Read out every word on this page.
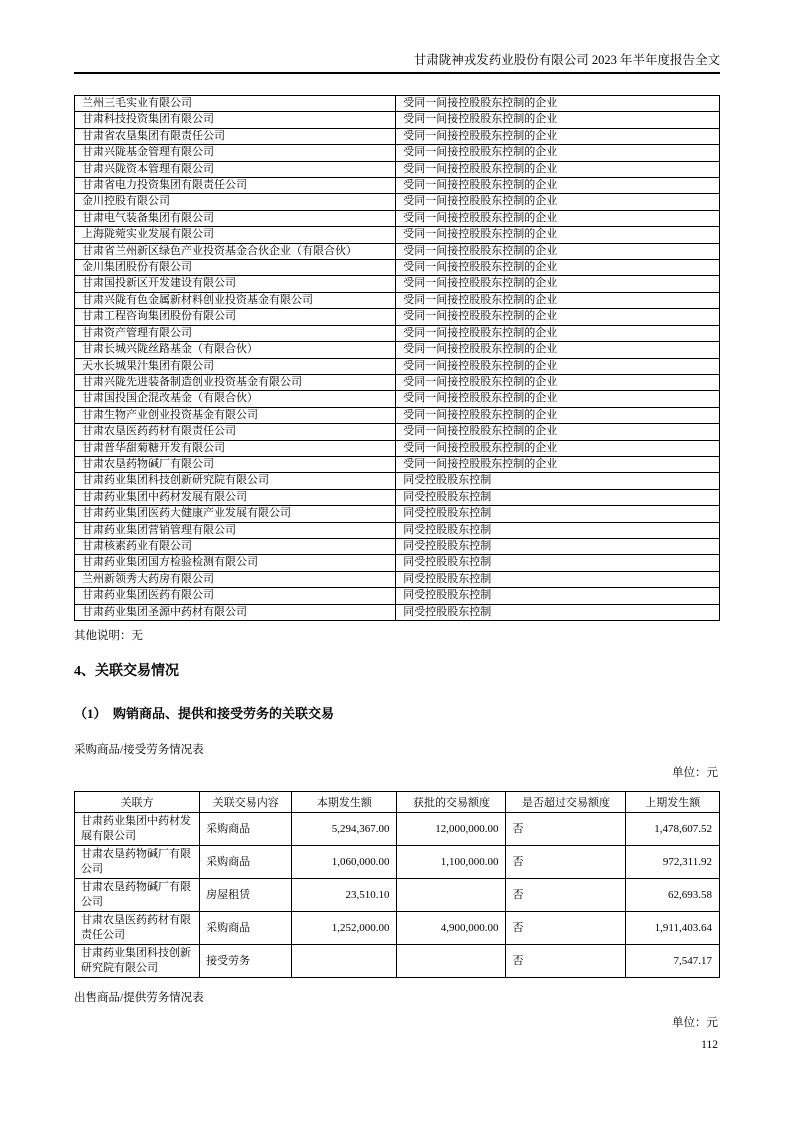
甘肃陇神戎发药业股份有限公司 2023 年半年度报告全文
兰州三毛实业有限公司	受同一间接控股股东控制的企业
甘肃科技投资集团有限公司	受同一间接控股股东控制的企业
甘肃省农垦集团有限责任公司	受同一间接控股股东控制的企业
甘肃兴陇基金管理有限公司	受同一间接控股股东控制的企业
甘肃兴陇资本管理有限公司	受同一间接控股股东控制的企业
甘肃省电力投资集团有限责任公司	受同一间接控股股东控制的企业
金川控股有限公司	受同一间接控股股东控制的企业
甘肃电气装备集团有限公司	受同一间接控股股东控制的企业
上海陇菀实业发展有限公司	受同一间接控股股东控制的企业
甘肃省兰州新区绿色产业投资基金合伙企业（有限合伙）	受同一间接控股股东控制的企业
金川集团股份有限公司	受同一间接控股股东控制的企业
甘肃国投新区开发建设有限公司	受同一间接控股股东控制的企业
甘肃兴陇有色金属新材料创业投资基金有限公司	受同一间接控股股东控制的企业
甘肃工程咨询集团股份有限公司	受同一间接控股股东控制的企业
甘肃资产管理有限公司	受同一间接控股股东控制的企业
甘肃长城兴陇丝路基金（有限合伙）	受同一间接控股股东控制的企业
天水长城果汁集团有限公司	受同一间接控股股东控制的企业
甘肃兴陇先进装备制造创业投资基金有限公司	受同一间接控股股东控制的企业
甘肃国投国企混改基金（有限合伙）	受同一间接控股股东控制的企业
甘肃生物产业创业投资基金有限公司	受同一间接控股股东控制的企业
甘肃农垦医药药材有限责任公司	受同一间接控股股东控制的企业
甘肃普华甜菊糖开发有限公司	受同一间接控股股东控制的企业
甘肃农垦药物碱厂有限公司	受同一间接控股股东控制的企业
甘肃药业集团科技创新研究院有限公司	同受控股股东控制
甘肃药业集团中药材发展有限公司	同受控股股东控制
甘肃药业集团医药大健康产业发展有限公司	同受控股股东控制
甘肃药业集团营销管理有限公司	同受控股股东控制
甘肃核素药业有限公司	同受控股股东控制
甘肃药业集团国方检验检测有限公司	同受控股股东控制
兰州新领秀大药房有限公司	同受控股股东控制
甘肃药业集团医药有限公司	同受控股股东控制
甘肃药业集团圣源中药材有限公司	同受控股股东控制

其他说明：无

4、关联交易情况
（1）　购销商品、提供和接受劳务的关联交易

采购商品/接受劳务情况表

单位：元

关联方	关联交易内容	本期发生额	获批的交易额度	是否超过交易额度	上期发生额
甘肃药业集团中药材发展有限公司	采购商品	5,294,367.00	12,000,000.00	否	1,478,607.52
甘肃农垦药物碱厂有限公司	采购商品	1,060,000.00	1,100,000.00	否	972,311.92
甘肃农垦药物碱厂有限公司	房屋租赁	23,510.10		否	62,693.58
甘肃农垦医药药材有限责任公司	采购商品	1,252,000.00	4,900,000.00	否	1,911,403.64
甘肃药业集团科技创新研究院有限公司	接受劳务			否	7,547.17

出售商品/提供劳务情况表

单位：元

112
